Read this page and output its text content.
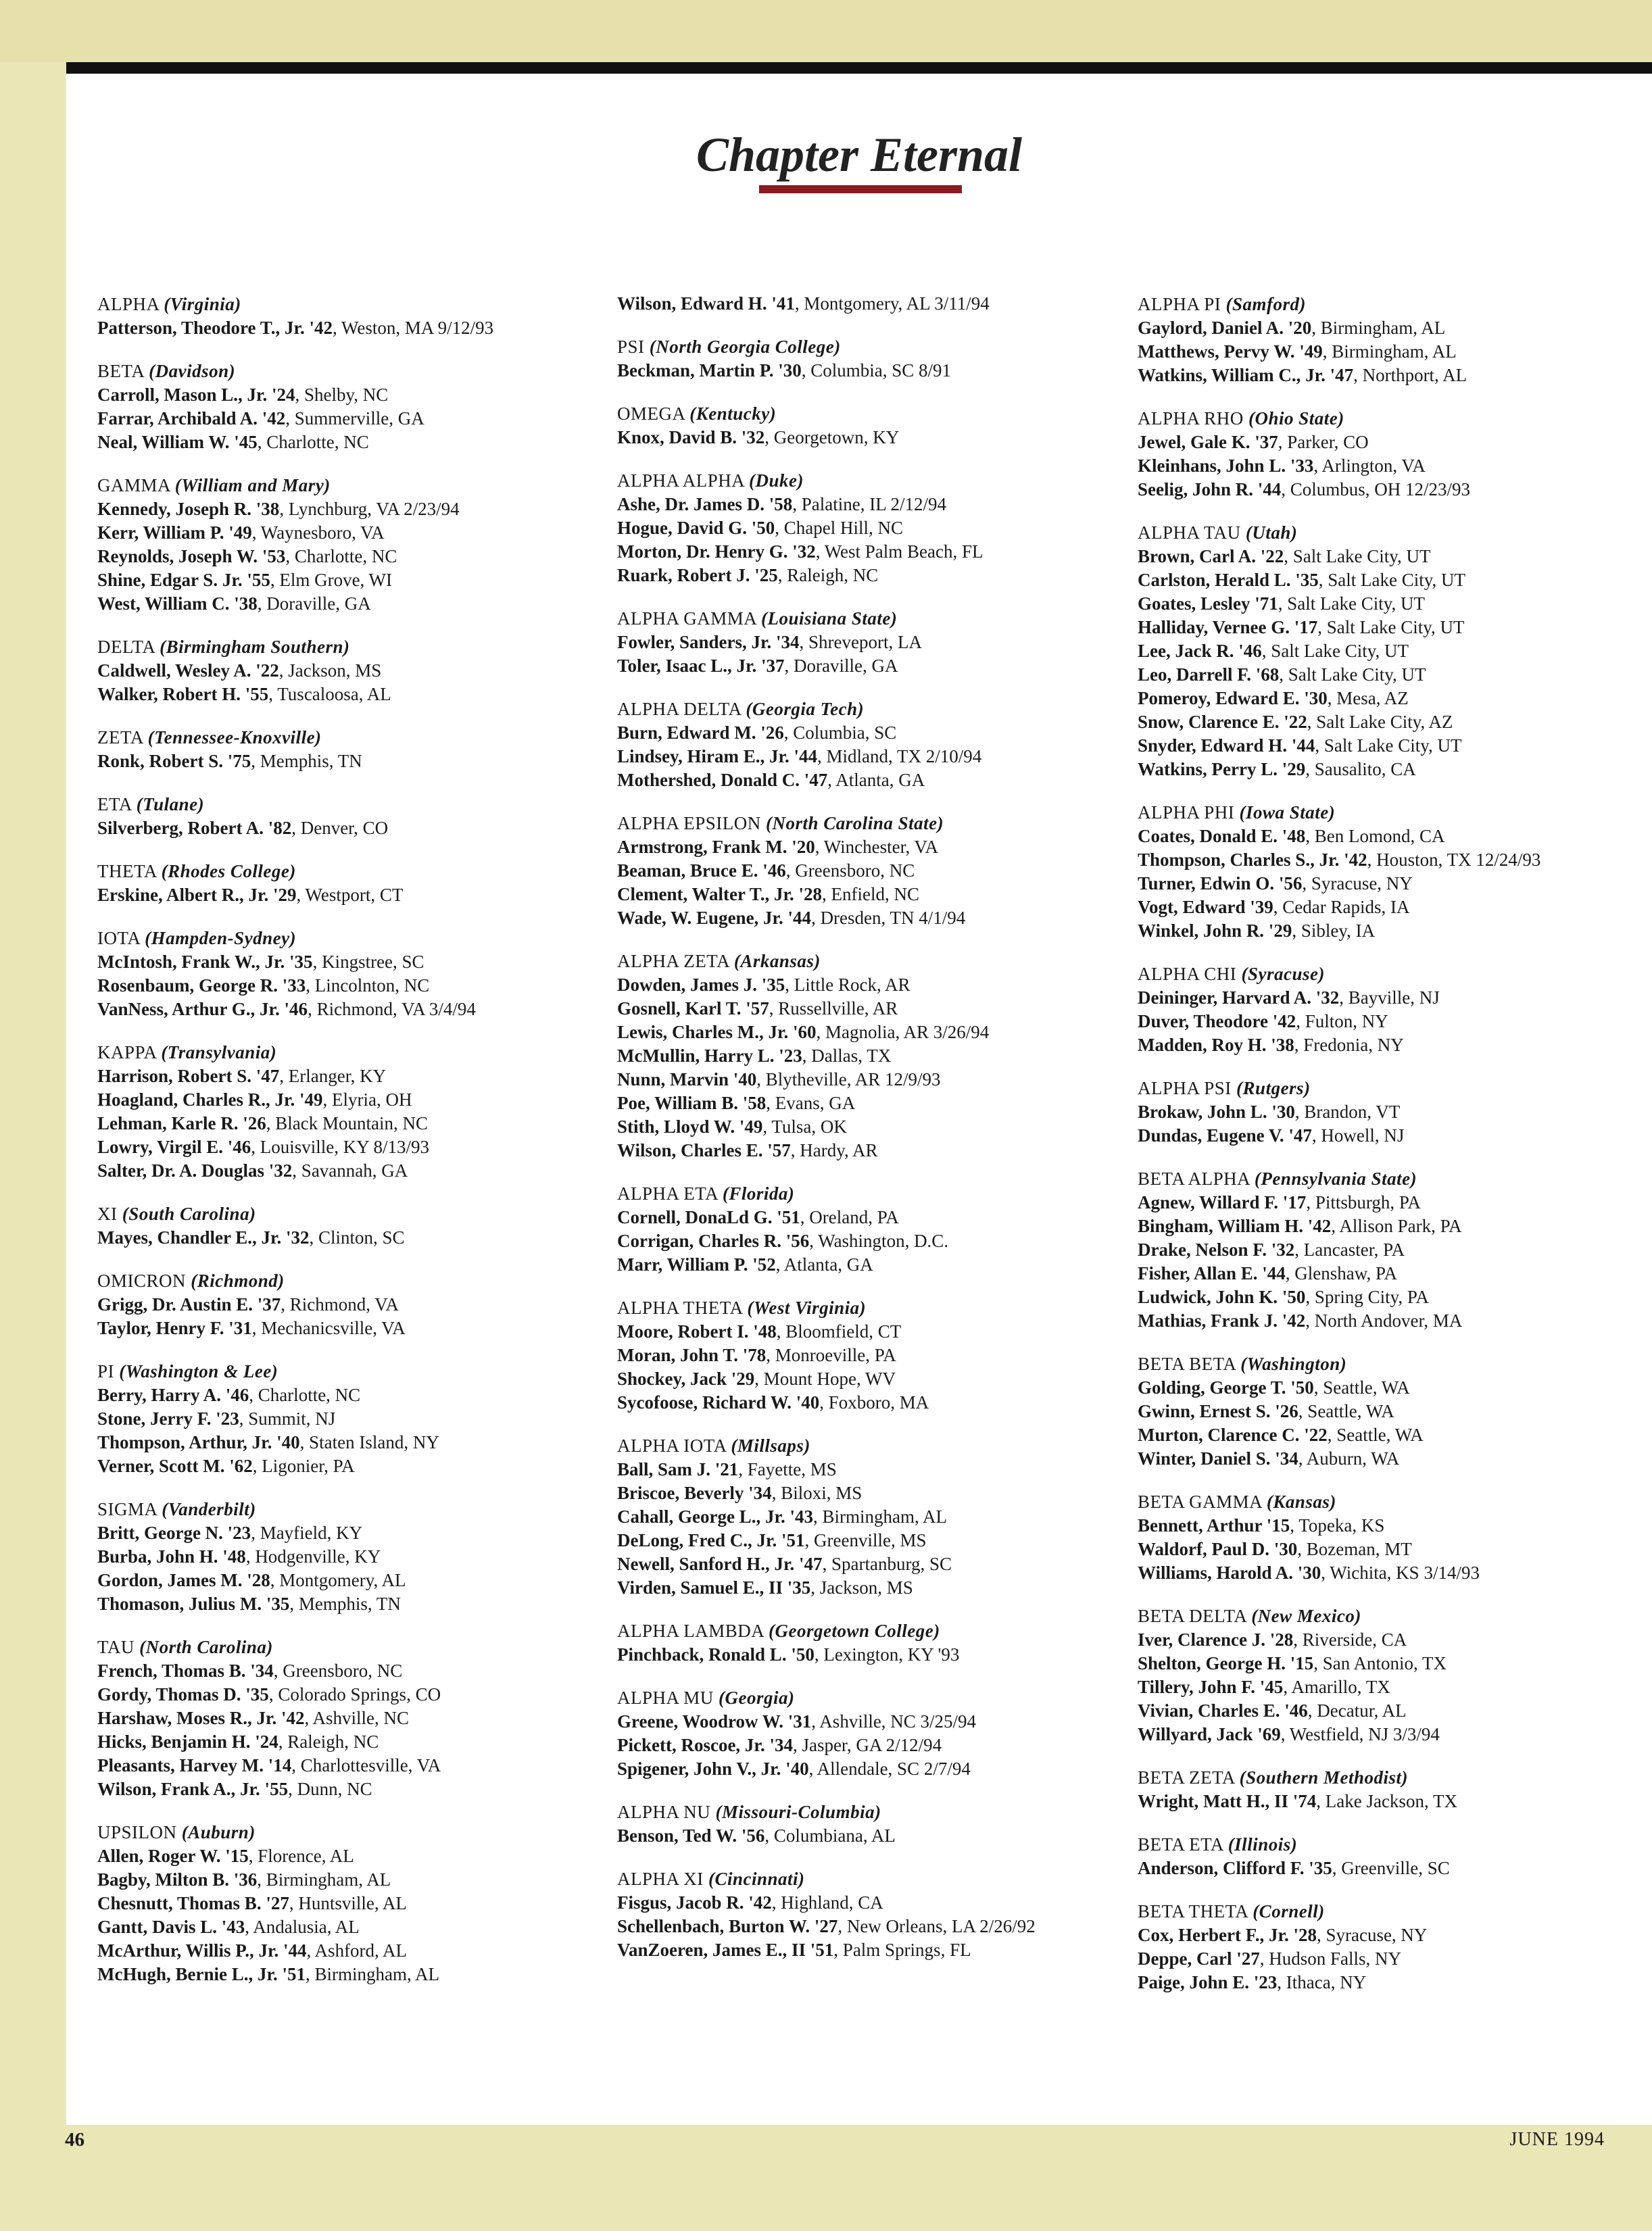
Chapter Eternal
ALPHA (Virginia)
Patterson, Theodore T., Jr. '42, Weston, MA 9/12/93
BETA (Davidson)
Carroll, Mason L., Jr. '24, Shelby, NC
Farrar, Archibald A. '42, Summerville, GA
Neal, William W. '45, Charlotte, NC
GAMMA (William and Mary)
Kennedy, Joseph R. '38, Lynchburg, VA 2/23/94
Kerr, William P. '49, Waynesboro, VA
Reynolds, Joseph W. '53, Charlotte, NC
Shine, Edgar S. Jr. '55, Elm Grove, WI
West, William C. '38, Doraville, GA
DELTA (Birmingham Southern)
Caldwell, Wesley A. '22, Jackson, MS
Walker, Robert H. '55, Tuscaloosa, AL
ZETA (Tennessee-Knoxville)
Ronk, Robert S. '75, Memphis, TN
ETA (Tulane)
Silverberg, Robert A. '82, Denver, CO
THETA (Rhodes College)
Erskine, Albert R., Jr. '29, Westport, CT
IOTA (Hampden-Sydney)
McIntosh, Frank W., Jr. '35, Kingstree, SC
Rosenbaum, George R. '33, Lincolnton, NC
VanNess, Arthur G., Jr. '46, Richmond, VA 3/4/94
KAPPA (Transylvania)
Harrison, Robert S. '47, Erlanger, KY
Hoagland, Charles R., Jr. '49, Elyria, OH
Lehman, Karle R. '26, Black Mountain, NC
Lowry, Virgil E. '46, Louisville, KY 8/13/93
Salter, Dr. A. Douglas '32, Savannah, GA
XI (South Carolina)
Mayes, Chandler E., Jr. '32, Clinton, SC
OMICRON (Richmond)
Grigg, Dr. Austin E. '37, Richmond, VA
Taylor, Henry F. '31, Mechanicsville, VA
PI (Washington & Lee)
Berry, Harry A. '46, Charlotte, NC
Stone, Jerry F. '23, Summit, NJ
Thompson, Arthur, Jr. '40, Staten Island, NY
Verner, Scott M. '62, Ligonier, PA
SIGMA (Vanderbilt)
Britt, George N. '23, Mayfield, KY
Burba, John H. '48, Hodgenville, KY
Gordon, James M. '28, Montgomery, AL
Thomason, Julius M. '35, Memphis, TN
TAU (North Carolina)
French, Thomas B. '34, Greensboro, NC
Gordy, Thomas D. '35, Colorado Springs, CO
Harshaw, Moses R., Jr. '42, Ashville, NC
Hicks, Benjamin H. '24, Raleigh, NC
Pleasants, Harvey M. '14, Charlottesville, VA
Wilson, Frank A., Jr. '55, Dunn, NC
UPSILON (Auburn)
Allen, Roger W. '15, Florence, AL
Bagby, Milton B. '36, Birmingham, AL
Chesnutt, Thomas B. '27, Huntsville, AL
Gantt, Davis L. '43, Andalusia, AL
McArthur, Willis P., Jr. '44, Ashford, AL
McHugh, Bernie L., Jr. '51, Birmingham, AL
Wilson, Edward H. '41, Montgomery, AL 3/11/94
PSI (North Georgia College)
Beckman, Martin P. '30, Columbia, SC 8/91
OMEGA (Kentucky)
Knox, David B. '32, Georgetown, KY
ALPHA ALPHA (Duke)
Ashe, Dr. James D. '58, Palatine, IL 2/12/94
Hogue, David G. '50, Chapel Hill, NC
Morton, Dr. Henry G. '32, West Palm Beach, FL
Ruark, Robert J. '25, Raleigh, NC
ALPHA GAMMA (Louisiana State)
Fowler, Sanders, Jr. '34, Shreveport, LA
Toler, Isaac L., Jr. '37, Doraville, GA
ALPHA DELTA (Georgia Tech)
Burn, Edward M. '26, Columbia, SC
Lindsey, Hiram E., Jr. '44, Midland, TX 2/10/94
Mothershed, Donald C. '47, Atlanta, GA
ALPHA EPSILON (North Carolina State)
Armstrong, Frank M. '20, Winchester, VA
Beaman, Bruce E. '46, Greensboro, NC
Clement, Walter T., Jr. '28, Enfield, NC
Wade, W. Eugene, Jr. '44, Dresden, TN 4/1/94
ALPHA ZETA (Arkansas)
Dowden, James J. '35, Little Rock, AR
Gosnell, Karl T. '57, Russellville, AR
Lewis, Charles M., Jr. '60, Magnolia, AR 3/26/94
McMullin, Harry L. '23, Dallas, TX
Nunn, Marvin '40, Blytheville, AR 12/9/93
Poe, William B. '58, Evans, GA
Stith, Lloyd W. '49, Tulsa, OK
Wilson, Charles E. '57, Hardy, AR
ALPHA ETA (Florida)
Cornell, DonaLd G. '51, Oreland, PA
Corrigan, Charles R. '56, Washington, D.C.
Marr, William P. '52, Atlanta, GA
ALPHA THETA (West Virginia)
Moore, Robert I. '48, Bloomfield, CT
Moran, John T. '78, Monroeville, PA
Shockey, Jack '29, Mount Hope, WV
Sycofoose, Richard W. '40, Foxboro, MA
ALPHA IOTA (Millsaps)
Ball, Sam J. '21, Fayette, MS
Briscoe, Beverly '34, Biloxi, MS
Cahall, George L., Jr. '43, Birmingham, AL
DeLong, Fred C., Jr. '51, Greenville, MS
Newell, Sanford H., Jr. '47, Spartanburg, SC
Virden, Samuel E., II '35, Jackson, MS
ALPHA LAMBDA (Georgetown College)
Pinchback, Ronald L. '50, Lexington, KY '93
ALPHA MU (Georgia)
Greene, Woodrow W. '31, Ashville, NC 3/25/94
Pickett, Roscoe, Jr. '34, Jasper, GA 2/12/94
Spigener, John V., Jr. '40, Allendale, SC 2/7/94
ALPHA NU (Missouri-Columbia)
Benson, Ted W. '56, Columbiana, AL
ALPHA XI (Cincinnati)
Fisgus, Jacob R. '42, Highland, CA
Schellenbach, Burton W. '27, New Orleans, LA 2/26/92
VanZoeren, James E., II '51, Palm Springs, FL
ALPHA PI (Samford)
Gaylord, Daniel A. '20, Birmingham, AL
Matthews, Pervy W. '49, Birmingham, AL
Watkins, William C., Jr. '47, Northport, AL
ALPHA RHO (Ohio State)
Jewel, Gale K. '37, Parker, CO
Kleinhans, John L. '33, Arlington, VA
Seelig, John R. '44, Columbus, OH 12/23/93
ALPHA TAU (Utah)
Brown, Carl A. '22, Salt Lake City, UT
Carlston, Herald L. '35, Salt Lake City, UT
Goates, Lesley '71, Salt Lake City, UT
Halliday, Vernee G. '17, Salt Lake City, UT
Lee, Jack R. '46, Salt Lake City, UT
Leo, Darrell F. '68, Salt Lake City, UT
Pomeroy, Edward E. '30, Mesa, AZ
Snow, Clarence E. '22, Salt Lake City, AZ
Snyder, Edward H. '44, Salt Lake City, UT
Watkins, Perry L. '29, Sausalito, CA
ALPHA PHI (Iowa State)
Coates, Donald E. '48, Ben Lomond, CA
Thompson, Charles S., Jr. '42, Houston, TX 12/24/93
Turner, Edwin O. '56, Syracuse, NY
Vogt, Edward '39, Cedar Rapids, IA
Winkel, John R. '29, Sibley, IA
ALPHA CHI (Syracuse)
Deininger, Harvard A. '32, Bayville, NJ
Duver, Theodore '42, Fulton, NY
Madden, Roy H. '38, Fredonia, NY
ALPHA PSI (Rutgers)
Brokaw, John L. '30, Brandon, VT
Dundas, Eugene V. '47, Howell, NJ
BETA ALPHA (Pennsylvania State)
Agnew, Willard F. '17, Pittsburgh, PA
Bingham, William H. '42, Allison Park, PA
Drake, Nelson F. '32, Lancaster, PA
Fisher, Allan E. '44, Glenshaw, PA
Ludwick, John K. '50, Spring City, PA
Mathias, Frank J. '42, North Andover, MA
BETA BETA (Washington)
Golding, George T. '50, Seattle, WA
Gwinn, Ernest S. '26, Seattle, WA
Murton, Clarence C. '22, Seattle, WA
Winter, Daniel S. '34, Auburn, WA
BETA GAMMA (Kansas)
Bennett, Arthur '15, Topeka, KS
Waldorf, Paul D. '30, Bozeman, MT
Williams, Harold A. '30, Wichita, KS 3/14/93
BETA DELTA (New Mexico)
Iver, Clarence J. '28, Riverside, CA
Shelton, George H. '15, San Antonio, TX
Tillery, John F. '45, Amarillo, TX
Vivian, Charles E. '46, Decatur, AL
Willyard, Jack '69, Westfield, NJ 3/3/94
BETA ZETA (Southern Methodist)
Wright, Matt H., II '74, Lake Jackson, TX
BETA ETA (Illinois)
Anderson, Clifford F. '35, Greenville, SC
BETA THETA (Cornell)
Cox, Herbert F., Jr. '28, Syracuse, NY
Deppe, Carl '27, Hudson Falls, NY
Paige, John E. '23, Ithaca, NY
46	JUNE 1994
